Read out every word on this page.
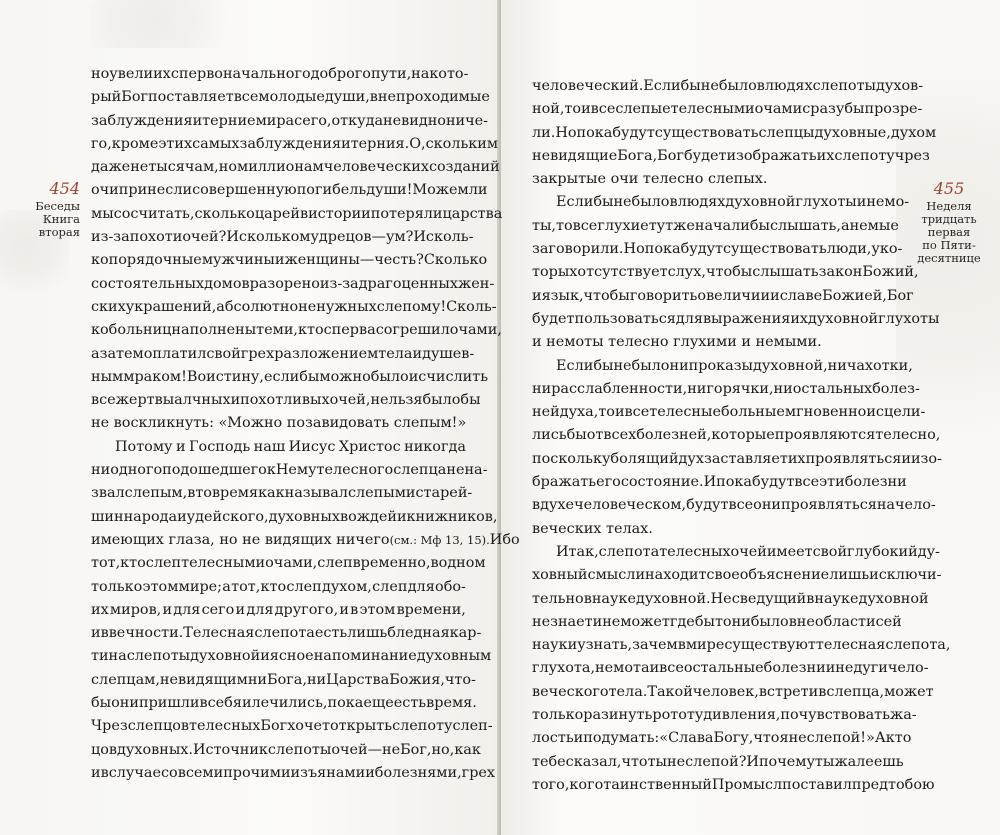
454
Беседы
Книга
вторая
455
Неделя
тридцать
первая
по Пяти-
десятнице
но увели их с первоначального доброго пути, на кото-
рый Бог поставляет все молодые души, в непроходимые
заблуждения и терние мира сего, откуда не видно ниче-
го, кроме этих самых заблуждения и терния. О, скольким
даже не тысячам, но миллионам человеческих созданий
очи принесли совершенную погибель души! Можем ли
мы сосчитать, сколько царей в истории потеряли царства
из-за похоти очей? И сколько мудрецов — ум? И сколь-
ко порядочные мужчины и женщины — честь? Сколько
состоятельных домов разорено из-за драгоценных жен-
ских украшений, абсолютно не нужных слепому! Сколь-
ко больниц наполнены теми, кто сперва согрешил очами,
а затем оплатил свой грех разложением тела и душев-
ным мраком! Воистину, если бы можно было исчислить
все жертвы алчных и похотливых очей, нельзя было бы
не воскликнуть: «Можно позавидовать слепым!»
Потому и Господь наш Иисус Христос никогда
ни одного подошедшего к Нему телесного слепца не на-
звал слепым, в то время как называл слепыми старей-
шин народа иудейского, духовных вождей и книжников,
имеющих глаза, но не видящих ничего (см.: Мф 13, 15). Ибо
тот, кто слеп телесными очами, слеп временно, в одном
только этом мире; а тот, кто слеп духом, слеп для обо-
их миров, и для сего и для другого, и в этом времени,
и в вечности. Телесная слепота есть лишь бледная кар-
тина слепоты духовной и ясное напоминание духовным
слепцам, не видящим ни Бога, ни Царства Божия, что-
бы они пришли в себя и лечились, пока еще есть время.
Чрез слепцов телесных Бог хочет открыть слепоту слеп-
цов духовных. Источник слепоты очей — не Бог, но, как
и в случае со всеми прочими изъянами и болезнями, грех
человеческий. Если бы не было в людях слепоты духов-
ной, то и все слепые телесными очами сразу бы прозре-
ли. Но пока будут существовать слепцы духовные, духом
не видящие Бога, Бог будет изображать их слепоту чрез
закрытые очи телесно слепых.
Если бы не было в людях духовной глухоты и немо-
ты, то все глухие тут же начали бы слышать, а немые
заговорили. Но пока будут существовать люди, у ко-
торых отсутствует слух, чтобы слышать закон Божий,
и язык, чтобы говорить о величии и славе Божией, Бог
будет пользоваться для выражения их духовной глухоты
и немоты телесно глухими и немыми.
Если бы не было ни проказы духовной, ни чахотки,
ни расслабленности, ни горячки, ни остальных болез-
ней духа, то и все телесные больные мгновенно исцели-
лись бы от всех болезней, которые проявляются телесно,
поскольку болящий дух заставляет их проявляться и изо-
бражать его состояние. И пока будут все эти болезни
в духе человеческом, будут все они проявляться на чело-
веческих телах.
Итак, слепота телесных очей имеет свой глубокий ду-
ховный смысл и находит свое объяснение лишь исключи-
тельно в науке духовной. Не сведущий в науке духовной
не знает и не может где бы то ни было вне области сей
науки узнать, зачем в мире существуют телесная слепота,
глухота, немота и все остальные болезни и недуги чело-
веческого тела. Такой человек, встретив слепца, может
только разинуть рот от удивления, почувствовать жа-
лость и подумать: «Слава Богу, что я не слепой!» А кто
тебе сказал, что ты не слепой? И почему ты жалеешь
того, кого таинственный Промысл поставил пред тобою
